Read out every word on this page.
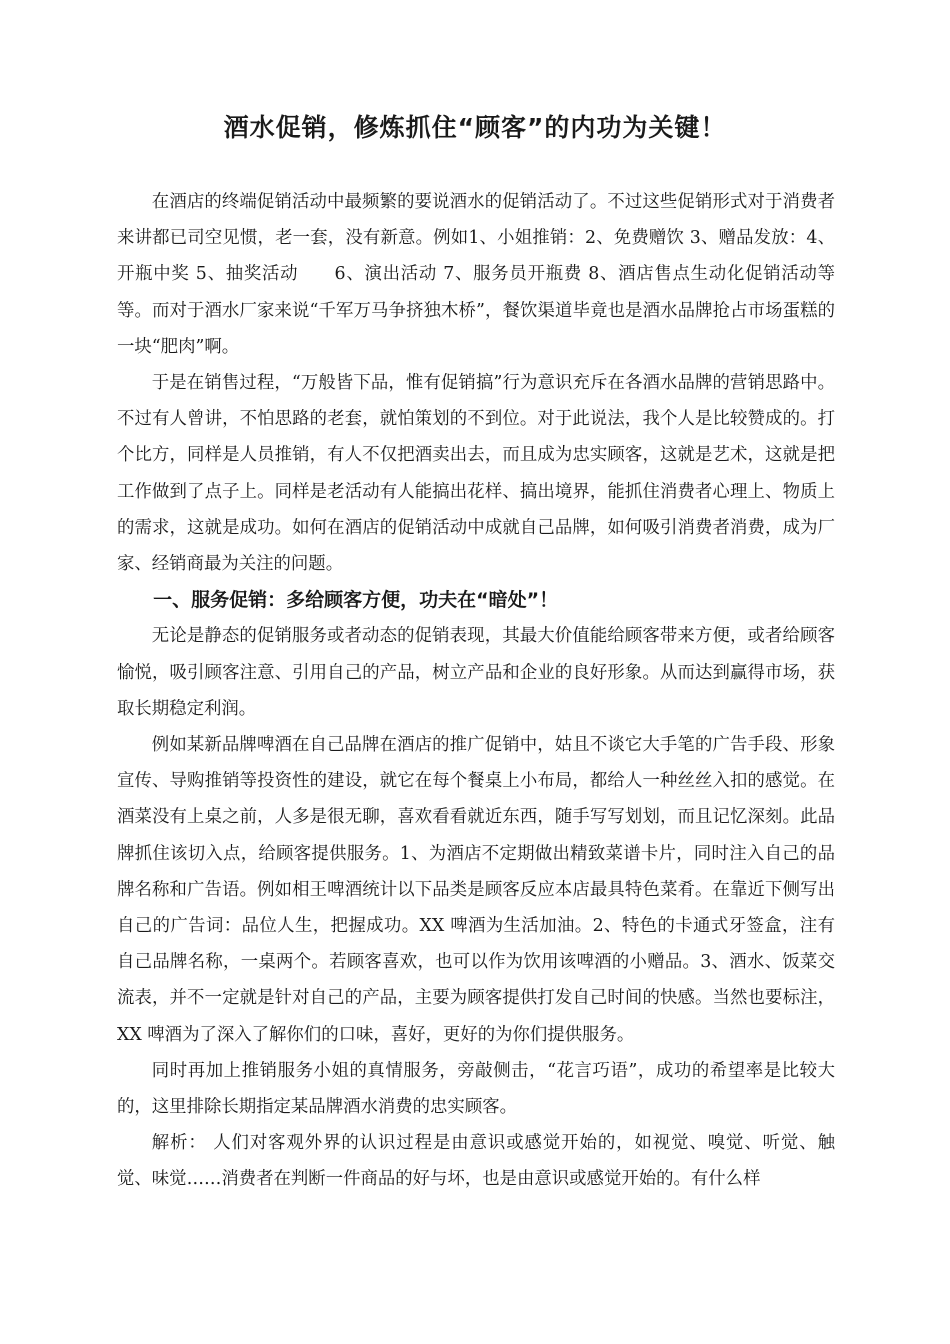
酒水促销，修炼抓住“顾客”的内功为关键！

在酒店的终端促销活动中最频繁的要说酒水的促销活动了。不过这些促销形式对于消费者来讲都已司空见惯，老一套，没有新意。例如1、小姐推销：2、免费赠饮 3、赠品发放：4、开瓶中奖 5、抽奖活动　　6、演出活动 7、服务员开瓶费 8、酒店售点生动化促销活动等等。而对于酒水厂家来说“千军万马争挤独木桥”，餐饮渠道毕竟也是酒水品牌抢占市场蛋糕的一块“肥肉”啊。

于是在销售过程，“万般皆下品，惟有促销搞”行为意识充斥在各酒水品牌的营销思路中。不过有人曾讲，不怕思路的老套，就怕策划的不到位。对于此说法，我个人是比较赞成的。打个比方，同样是人员推销，有人不仅把酒卖出去，而且成为忠实顾客，这就是艺术，这就是把工作做到了点子上。同样是老活动有人能搞出花样、搞出境界，能抓住消费者心理上、物质上的需求，这就是成功。如何在酒店的促销活动中成就自己品牌，如何吸引消费者消费，成为厂家、经销商最为关注的问题。

一、服务促销：多给顾客方便，功夫在“暗处”！

无论是静态的促销服务或者动态的促销表现，其最大价值能给顾客带来方便，或者给顾客愉悦，吸引顾客注意、引用自己的产品，树立产品和企业的良好形象。从而达到赢得市场，获取长期稳定利润。

例如某新品牌啤酒在自己品牌在酒店的推广促销中，姑且不谈它大手笔的广告手段、形象宣传、导购推销等投资性的建设，就它在每个餐桌上小布局，都给人一种丝丝入扣的感觉。在酒菜没有上桌之前，人多是很无聊，喜欢看看就近东西，随手写写划划，而且记忆深刻。此品牌抓住该切入点，给顾客提供服务。1、为酒店不定期做出精致菜谱卡片，同时注入自己的品牌名称和广告语。例如相王啤酒统计以下品类是顾客反应本店最具特色菜肴。在靠近下侧写出自己的广告词：品位人生，把握成功。XX 啤酒为生活加油。2、特色的卡通式牙签盒，注有自己品牌名称，一桌两个。若顾客喜欢，也可以作为饮用该啤酒的小赠品。3、酒水、饭菜交流表，并不一定就是针对自己的产品，主要为顾客提供打发自己时间的快感。当然也要标注，XX 啤酒为了深入了解你们的口味，喜好，更好的为你们提供服务。

同时再加上推销服务小姐的真情服务，旁敲侧击，“花言巧语”，成功的希望率是比较大的，这里排除长期指定某品牌酒水消费的忠实顾客。

解析： 人们对客观外界的认识过程是由意识或感觉开始的，如视觉、嗅觉、听觉、触觉、味觉……消费者在判断一件商品的好与坏，也是由意识或感觉开始的。有什么样
